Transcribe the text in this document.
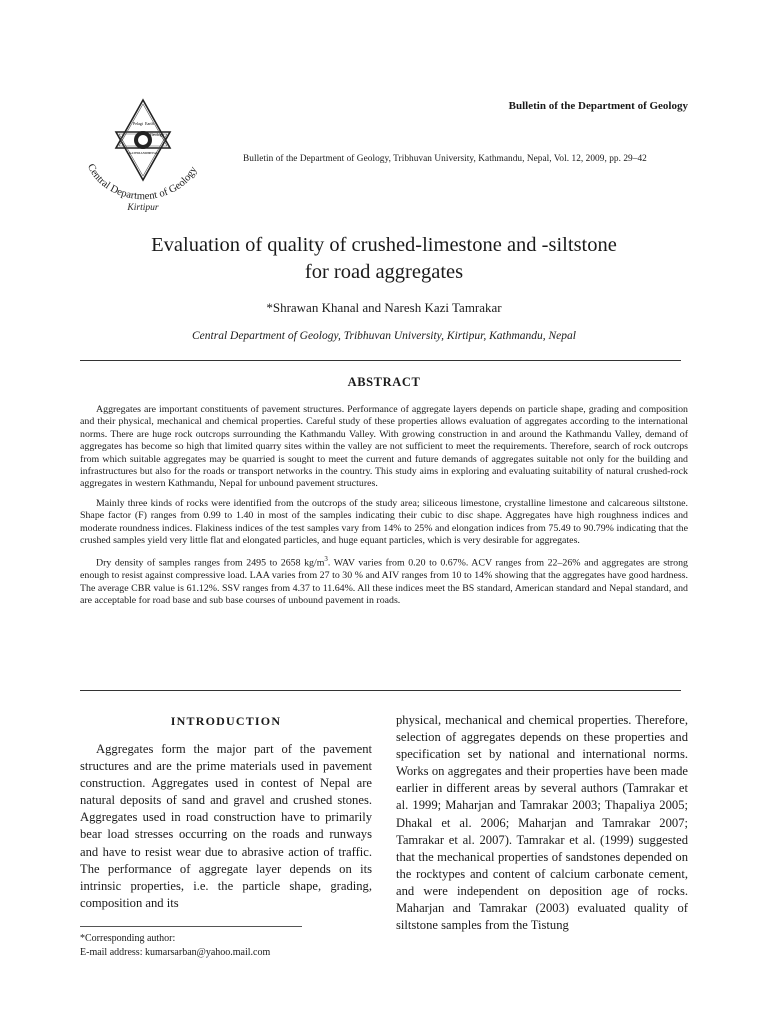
Pelagi Earth
Geology
KATHMANDU
NEPAL
Central Department of Geology
Kirtipur
Bulletin of the Department of Geology
Bulletin of the Department of Geology, Tribhuvan University, Kathmandu, Nepal, Vol. 12, 2009, pp. 29–42
Evaluation of quality of crushed-limestone and -siltstone
for road aggregates
*Shrawan Khanal and Naresh Kazi Tamrakar
Central Department of Geology, Tribhuvan University, Kirtipur, Kathmandu, Nepal
ABSTRACT

Aggregates are important constituents of pavement structures. Performance of aggregate layers depends on particle shape, grading and composition and their physical, mechanical and chemical properties. Careful study of these properties allows evaluation of aggregates according to the international norms. There are huge rock outcrops surrounding the Kathmandu Valley. With growing construction in and around the Kathmandu Valley, demand of aggregates has become so high that limited quarry sites within the valley are not sufficient to meet the requirements. Therefore, search of rock outcrops from which suitable aggregates may be quarried is sought to meet the current and future demands of aggregates suitable not only for the building and infrastructures but also for the roads or transport networks in the country. This study aims in exploring and evaluating suitability of natural crushed-rock aggregates in western Kathmandu, Nepal for unbound pavement structures.

Mainly three kinds of rocks were identified from the outcrops of the study area; siliceous limestone, crystalline limestone and calcareous siltstone. Shape factor (F) ranges from 0.99 to 1.40 in most of the samples indicating their cubic to disc shape. Aggregates have high roughness indices and moderate roundness indices. Flakiness indices of the test samples vary from 14% to 25% and elongation indices from 75.49 to 90.79% indicating that the crushed samples yield very little flat and elongated particles, and huge equant particles, which is very desirable for aggregates.

Dry density of samples ranges from 2495 to 2658 $kg/m^3$. WAV varies from 0.20 to 0.67%. ACV ranges from 22–26% and aggregates are strong enough to resist against compressive load. LAA varies from 27 to 30 % and AIV ranges from 10 to 14% showing that the aggregates have good hardness. The average CBR value is 61.12%. SSV ranges from 4.37 to 11.64%. All these indices meet the BS standard, American standard and Nepal standard, and are acceptable for road base and sub base courses of unbound pavement in roads.

INTRODUCTION

Aggregates form the major part of the pavement structures and are the prime materials used in pavement construction. Aggregates used in contest of Nepal are natural deposits of sand and gravel and crushed stones. Aggregates used in road construction have to primarily bear load stresses occurring on the roads and runways and have to resist wear due to abrasive action of traffic. The performance of aggregate layer depends on its intrinsic properties, i.e. the particle shape, grading, composition and its

physical, mechanical and chemical properties. Therefore, selection of aggregates depends on these properties and specification set by national and international norms. Works on aggregates and their properties have been made earlier in different areas by several authors (Tamrakar et al. 1999; Maharjan and Tamrakar 2003; Thapaliya 2005; Dhakal et al. 2006; Maharjan and Tamrakar 2007; Tamrakar et al. 2007). Tamrakar et al. (1999) suggested that the mechanical properties of sandstones depended on the rocktypes and content of calcium carbonate cement, and were independent on deposition age of rocks. Maharjan and Tamrakar (2003) evaluated quality of siltstone samples from the Tistung

*Corresponding author:
E-mail address: kumarsarban@yahoo.mail.com
